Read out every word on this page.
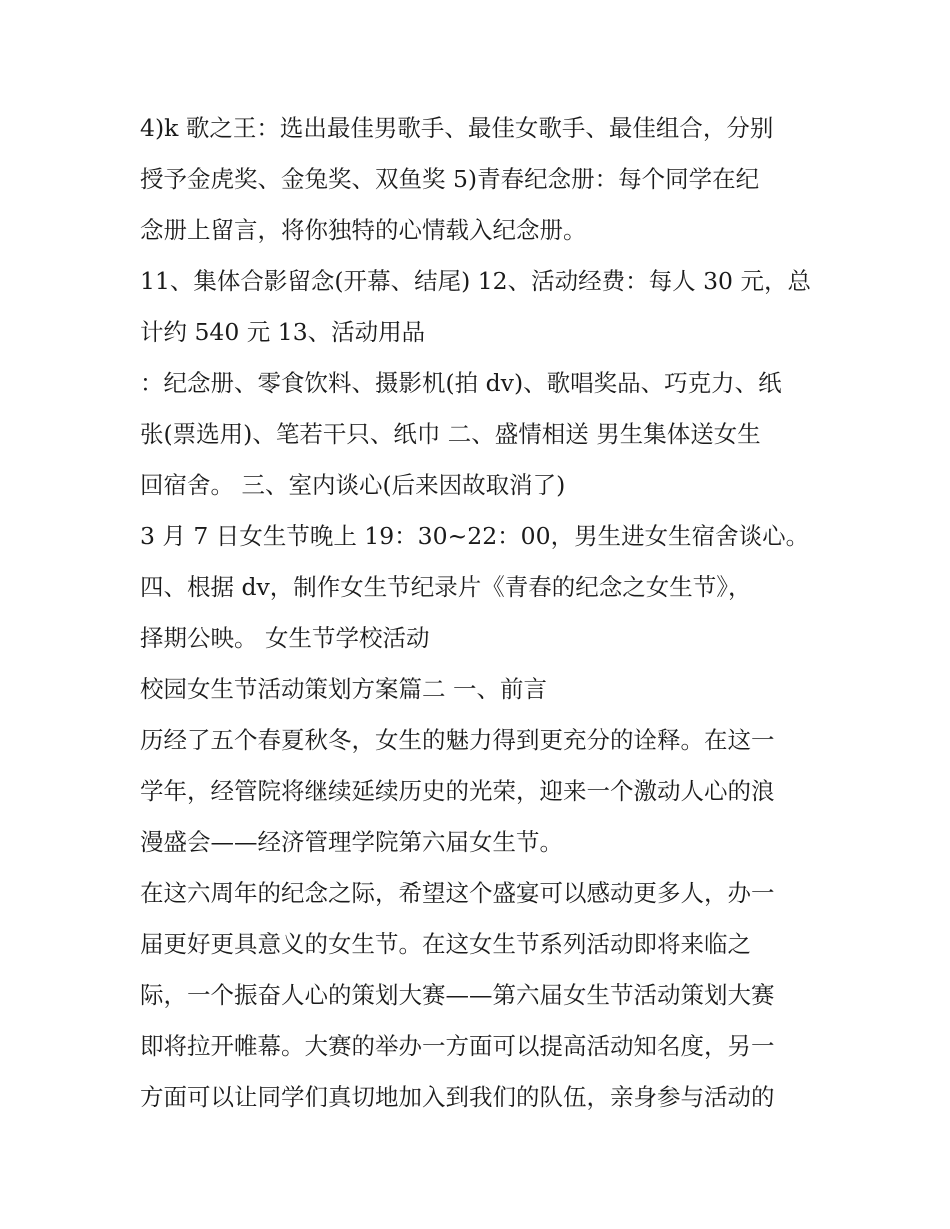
4)k 歌之王：选出最佳男歌手、最佳女歌手、最佳组合，分别
授予金虎奖、金兔奖、双鱼奖 5)青春纪念册：每个同学在纪
念册上留言，将你独特的心情载入纪念册。
11、集体合影留念(开幕、结尾) 12、活动经费：每人 30 元，总
计约 540 元 13、活动用品
：纪念册、零食饮料、摄影机(拍 dv)、歌唱奖品、巧克力、纸
张(票选用)、笔若干只、纸巾 二、盛情相送 男生集体送女生
回宿舍。 三、室内谈心(后来因故取消了)
3 月 7 日女生节晚上 19：30~22：00，男生进女生宿舍谈心。
四、根据 dv，制作女生节纪录片《青春的纪念之女生节》，
择期公映。 女生节学校活动
校园女生节活动策划方案篇二 一、前言
历经了五个春夏秋冬，女生的魅力得到更充分的诠释。在这一
学年，经管院将继续延续历史的光荣，迎来一个激动人心的浪
漫盛会——经济管理学院第六届女生节。
在这六周年的纪念之际，希望这个盛宴可以感动更多人，办一
届更好更具意义的女生节。在这女生节系列活动即将来临之
际，一个振奋人心的策划大赛——第六届女生节活动策划大赛
即将拉开帷幕。大赛的举办一方面可以提高活动知名度，另一
方面可以让同学们真切地加入到我们的队伍，亲身参与活动的
